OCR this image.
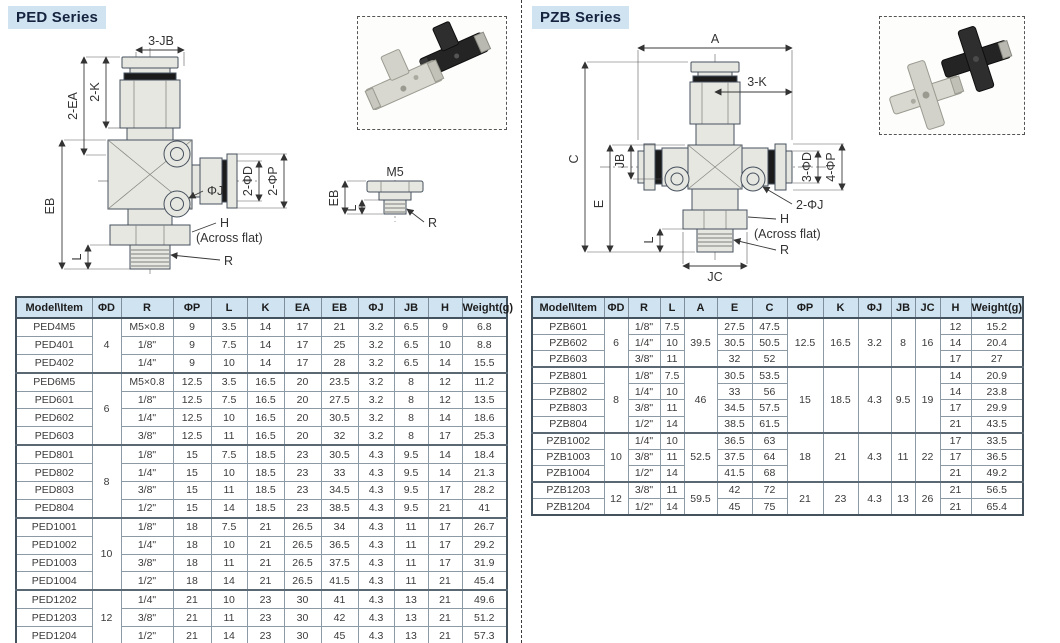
PED Series
3-JB
2-EA
2-K
EB
L
2-ΦD 2-ΦP
ΦJ
H
(Across flat)
R
M5
EB
L
R
Model\Item	ΦD	R	ΦP	L	K	EA	EB	ΦJ	JB	H	Weight(g)
PED4M5	4	M5×0.8	9	3.5	14	17	21	3.2	6.5	9	6.8
PED401		1/8"	9	7.5	14	17	25	3.2	6.5	10	8.8
PED402		1/4"	9	10	14	17	28	3.2	6.5	14	15.5
PED6M5	6	M5×0.8	12.5	3.5	16.5	20	23.5	3.2	8	12	11.2
PED601		1/8"	12.5	7.5	16.5	20	27.5	3.2	8	12	13.5
PED602		1/4"	12.5	10	16.5	20	30.5	3.2	8	14	18.6
PED603		3/8"	12.5	11	16.5	20	32	3.2	8	17	25.3
PED801	8	1/8"	15	7.5	18.5	23	30.5	4.3	9.5	14	18.4
PED802		1/4"	15	10	18.5	23	33	4.3	9.5	14	21.3
PED803		3/8"	15	11	18.5	23	34.5	4.3	9.5	17	28.2
PED804		1/2"	15	14	18.5	23	38.5	4.3	9.5	21	41
PED1001	10	1/8"	18	7.5	21	26.5	34	4.3	11	17	26.7
PED1002		1/4"	18	10	21	26.5	36.5	4.3	11	17	29.2
PED1003		3/8"	18	11	21	26.5	37.5	4.3	11	17	31.9
PED1004		1/2"	18	14	21	26.5	41.5	4.3	11	21	45.4
PED1202	12	1/4"	21	10	23	30	41	4.3	13	21	49.6
PED1203		3/8"	21	11	23	30	42	4.3	13	21	51.2
PED1204		1/2"	21	14	23	30	45	4.3	13	21	57.3
PZB Series
A
3-K
C	JB
E
L
JC
3-ΦD 4-ΦP
2-ΦJ
H
(Across flat)
R
Model\Item	ΦD	R	L	A	E	C	ΦP	K	ΦJ	JB	JC	H	Weight(g)
PZB601	6	1/8"	7.5	39.5	27.5	47.5	12.5	16.5	3.2	8	16	12	15.2
PZB602		1/4"	10		30.5	50.5						14	20.4
PZB603		3/8"	11		32	52						17	27
PZB801	8	1/8"	7.5	46	30.5	53.5	15	18.5	4.3	9.5	19	14	20.9
PZB802		1/4"	10		33	56						14	23.8
PZB803		3/8"	11		34.5	57.5						17	29.9
PZB804		1/2"	14		38.5	61.5						21	43.5
PZB1002	10	1/4"	10	52.5	36.5	63	18	21	4.3	11	22	17	33.5
PZB1003		3/8"	11		37.5	64						17	36.5
PZB1004		1/2"	14		41.5	68						21	49.2
PZB1203	12	3/8"	11	59.5	42	72	21	23	4.3	13	26	21	56.5
PZB1204		1/2"	14		45	75						21	65.4
